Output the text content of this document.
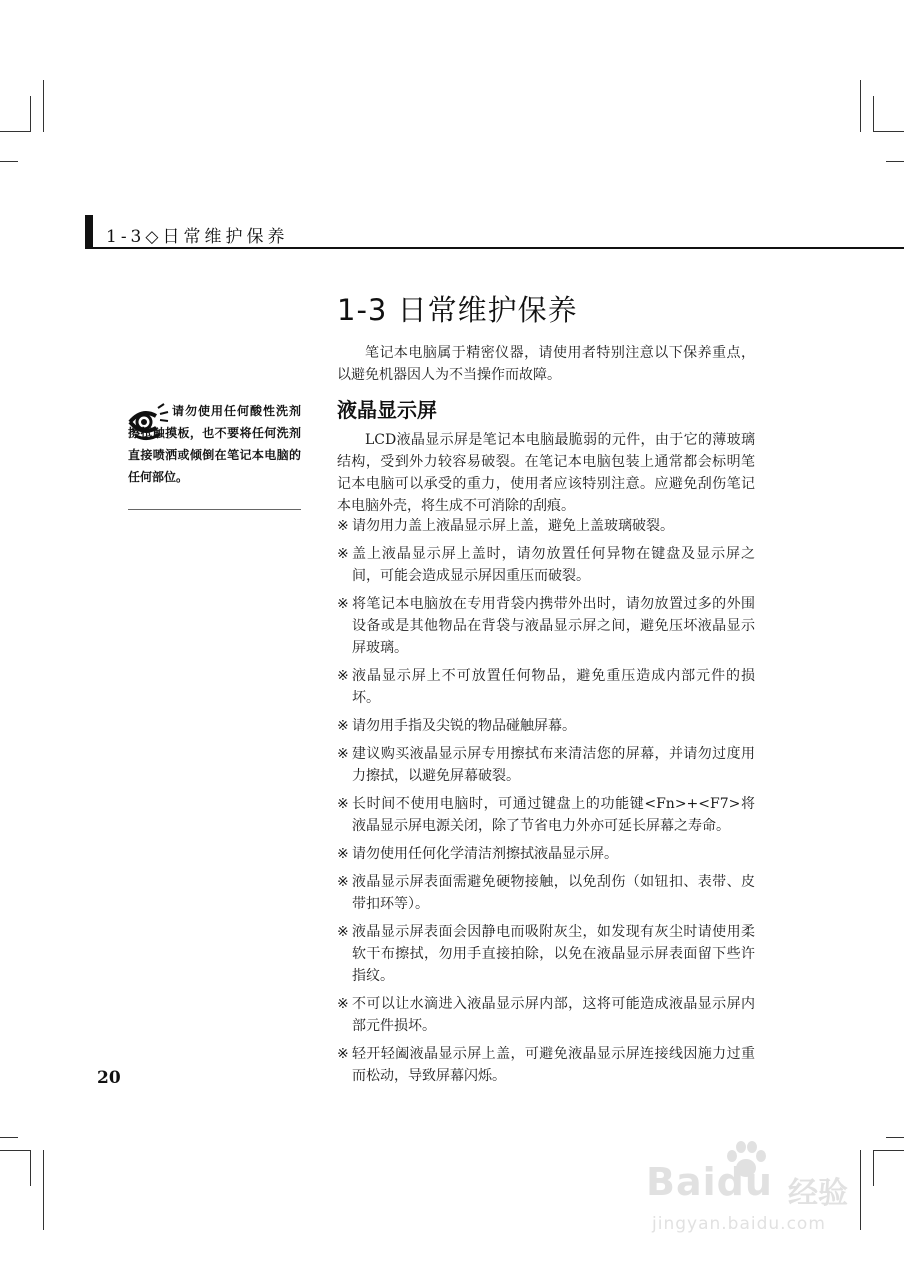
1-3◇日常维护保养
1-3 日常维护保养

笔记本电脑属于精密仪器，请使用者特别注意以下保养重点，以避免机器因人为不当操作而故障。

请勿使用任何酸性洗剂擦拭触摸板，也不要将任何洗剂直接喷洒或倾倒在笔记本电脑的任何部位。

液晶显示屏

LCD液晶显示屏是笔记本电脑最脆弱的元件，由于它的薄玻璃结构，受到外力较容易破裂。在笔记本电脑包装上通常都会标明笔记本电脑可以承受的重力，使用者应该特别注意。应避免刮伤笔记本电脑外壳，将生成不可消除的刮痕。

※ 请勿用力盖上液晶显示屏上盖，避免上盖玻璃破裂。
※ 盖上液晶显示屏上盖时，请勿放置任何异物在键盘及显示屏之间，可能会造成显示屏因重压而破裂。
※ 将笔记本电脑放在专用背袋内携带外出时，请勿放置过多的外围设备或是其他物品在背袋与液晶显示屏之间，避免压坏液晶显示屏玻璃。
※ 液晶显示屏上不可放置任何物品，避免重压造成内部元件的损坏。
※ 请勿用手指及尖锐的物品碰触屏幕。
※ 建议购买液晶显示屏专用擦拭布来清洁您的屏幕，并请勿过度用力擦拭，以避免屏幕破裂。
※ 长时间不使用电脑时，可通过键盘上的功能键<Fn>+<F7>将液晶显示屏电源关闭，除了节省电力外亦可延长屏幕之寿命。
※ 请勿使用任何化学清洁剂擦拭液晶显示屏。
※ 液晶显示屏表面需避免硬物接触，以免刮伤（如钮扣、表带、皮带扣环等）。
※ 液晶显示屏表面会因静电而吸附灰尘，如发现有灰尘时请使用柔软干布擦拭，勿用手直接拍除，以免在液晶显示屏表面留下些许指纹。
※ 不可以让水滴进入液晶显示屏内部，这将可能造成液晶显示屏内部元件损坏。
※ 轻开轻阖液晶显示屏上盖，可避免液晶显示屏连接线因施力过重而松动，导致屏幕闪烁。
20
Baidu 经验
jingyan.baidu.com
